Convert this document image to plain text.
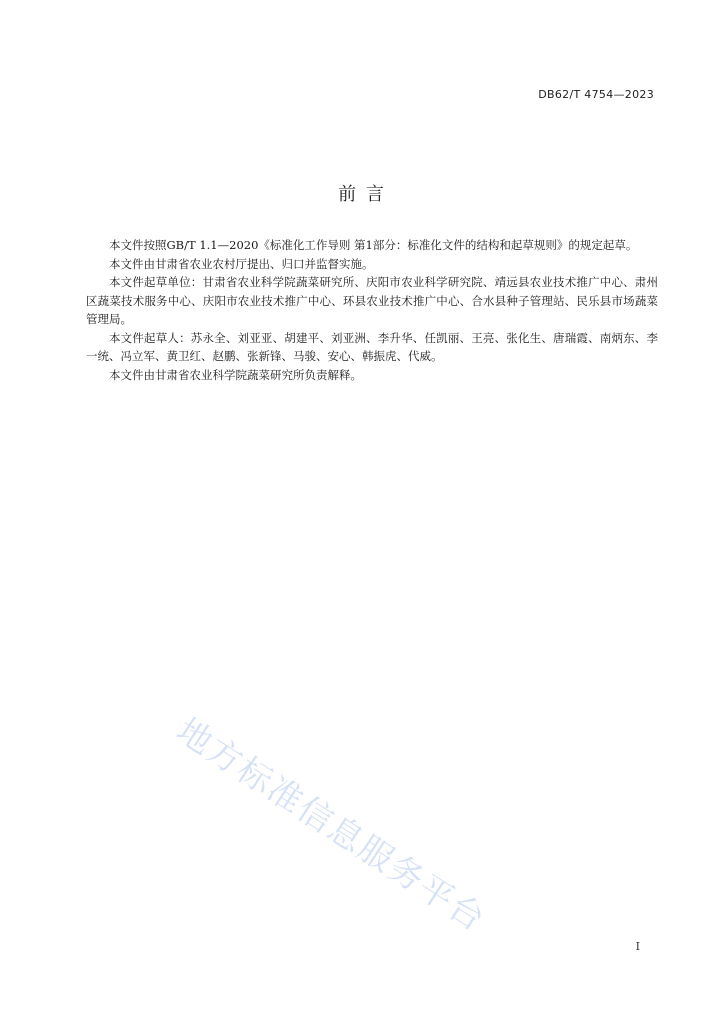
DB62/T 4754—2023
前 言

本文件按照GB/T 1.1—2020《标准化工作导则 第1部分：标准化文件的结构和起草规则》的规定起草。

本文件由甘肃省农业农村厅提出、归口并监督实施。

本文件起草单位：甘肃省农业科学院蔬菜研究所、庆阳市农业科学研究院、靖远县农业技术推广中心、肃州区蔬菜技术服务中心、庆阳市农业技术推广中心、环县农业技术推广中心、合水县种子管理站、民乐县市场蔬菜管理局。

本文件起草人：苏永全、刘亚亚、胡建平、刘亚洲、李升华、任凯丽、王亮、张化生、唐瑞霞、南炳东、李一统、冯立军、黄卫红、赵鹏、张新锋、马骏、安心、韩振虎、代威。

本文件由甘肃省农业科学院蔬菜研究所负责解释。

地方标准信息服务平台
I
